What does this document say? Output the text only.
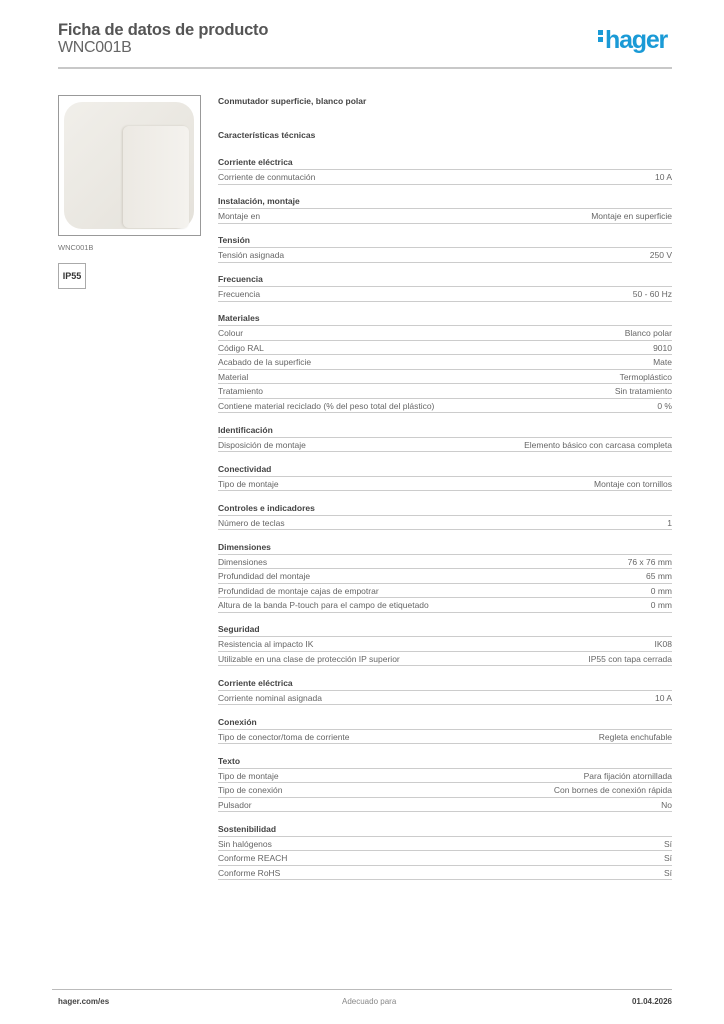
Ficha de datos de producto
WNC001B	hager
WNC001B
IP55
Conmutador superficie, blanco polar
Características técnicas
Corriente eléctrica
Corriente de conmutación	10 A
Instalación, montaje
Montaje en	Montaje en superficie
Tensión
Tensión asignada	250 V
Frecuencia
Frecuencia	50 - 60 Hz
Materiales
Colour	Blanco polar
Código RAL	9010
Acabado de la superficie	Mate
Material	Termoplástico
Tratamiento	Sin tratamiento
Contiene material reciclado (% del peso total del plástico)	0 %
Identificación
Disposición de montaje	Elemento básico con carcasa completa
Conectividad
Tipo de montaje	Montaje con tornillos
Controles e indicadores
Número de teclas	1
Dimensiones
Dimensiones	76 x 76 mm
Profundidad del montaje	65 mm
Profundidad de montaje cajas de empotrar	0 mm
Altura de la banda P-touch para el campo de etiquetado	0 mm
Seguridad
Resistencia al impacto IK	IK08
Utilizable en una clase de protección IP superior	IP55 con tapa cerrada
Corriente eléctrica
Corriente nominal asignada	10 A
Conexión
Tipo de conector/toma de corriente	Regleta enchufable
Texto
Tipo de montaje	Para fijación atornillada
Tipo de conexión	Con bornes de conexión rápida
Pulsador	No
Sostenibilidad
Sin halógenos	Sí
Conforme REACH	Sí
Conforme RoHS	Sí
hager.com/es	Adecuado para	01.04.2026
